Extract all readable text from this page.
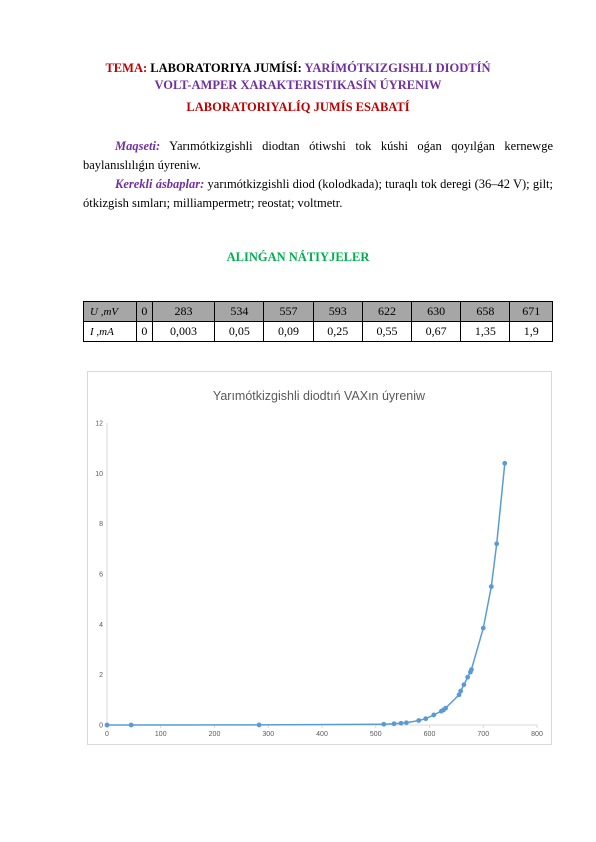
TEMA: LABORATORIYA JUMÍSÍ: YARÍMÓTKIZGISHLI DIODTÍŃ
VOLT-AMPER XARAKTERISTIKASÍN ÚYRENIW
LABORATORIYALÍQ JUMÍS ESABATÍ
Maqseti: Yarımótkizgishli diodtan ótiwshi tok kúshi oǵan qoyılǵan kernewge baylanıslılıǵın úyreniw.
Kerekli ásbaplar: yarımótkizgishli diod (kolodkada); turaqlı tok deregi (36–42 V); gilt; ótkizgish sımları; milliampermetr; reostat; voltmetr.
ALINǴAN NÁTIYJELER
U ,mV	0	283	534	557	593	622	630	658	671
I ,mA	0	0,003	0,05	0,09	0,25	0,55	0,67	1,35	1,9
Yarımótkizgishli diodtıń VAXın úyreniw
0	100	200	300	400	500	600	700	800
0
2
4
6
8
10
12
